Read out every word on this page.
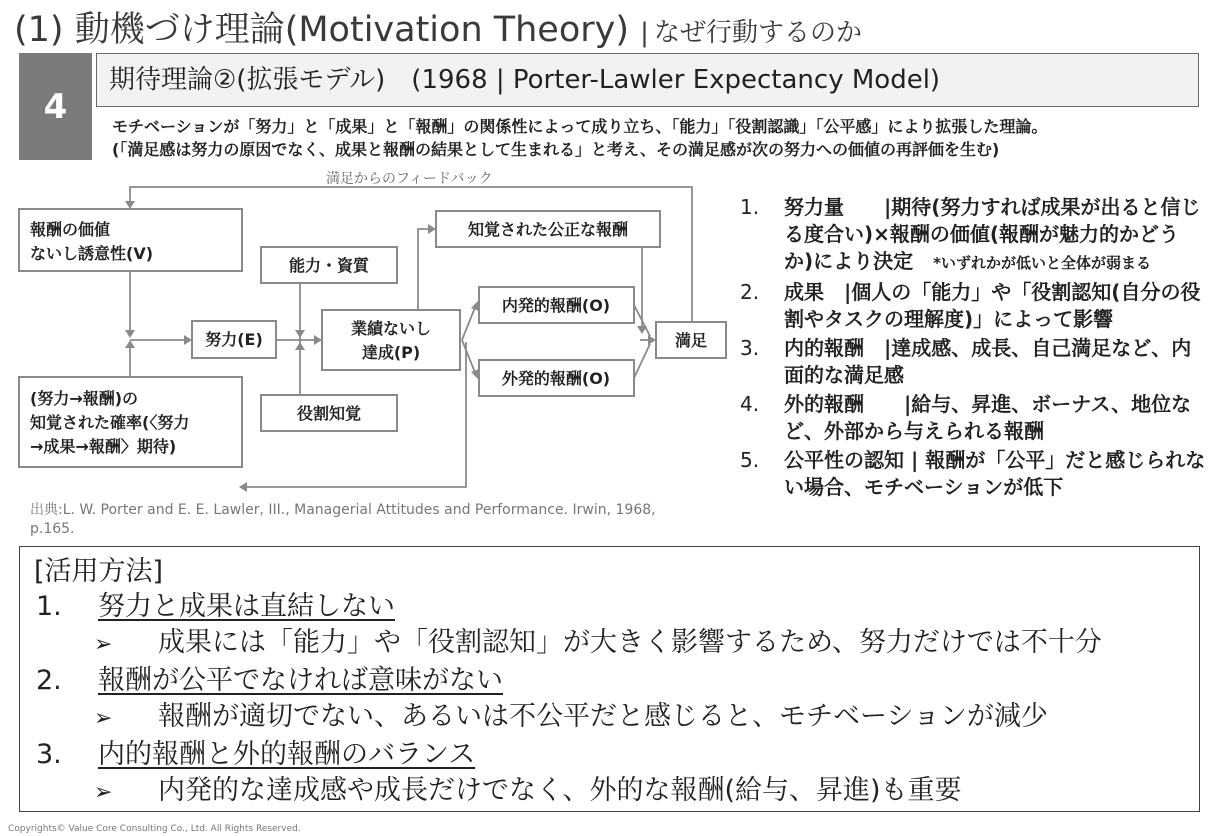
(1) 動機づけ理論(Motivation Theory) | なぜ行動するのか
4
期待理論②(拡張モデル)　(1968 | Porter-Lawler Expectancy Model)
モチベーションが「努力」と「成果」と「報酬」の関係性によって成り立ち、「能力」「役割認識」「公平感」により拡張した理論。
(「満足感は努力の原因でなく、成果と報酬の結果として生まれる」と考え、その満足感が次の努力への価値の再評価を生む)
報酬の価値
ないし誘意性(V)
(努力→報酬)の
知覚された確率(〈努力
→成果→報酬〉期待)
努力(E)
能力・資質
役割知覚
業績ないし
達成(P)
知覚された公正な報酬
内発的報酬(O)
外発的報酬(O)
満足
満足からのフィードバック
出典:L. W. Porter and E. E. Lawler, III., Managerial Attitudes and Performance. Irwin, 1968, p.165.
1. 努力量　　|期待(努力すれば成果が出ると信じる度合い)×報酬の価値(報酬が魅力的かどうか)により決定　*いずれかが低いと全体が弱まる
2. 成果　|個人の「能力」や「役割認知(自分の役割やタスクの理解度)」によって影響
3. 内的報酬　|達成感、成長、自己満足など、内面的な満足感
4. 外的報酬　　|給与、昇進、ボーナス、地位など、外部から与えられる報酬
5. 公平性の認知 | 報酬が「公平」だと感じられない場合、モチベーションが低下
[活用方法]
1. 努力と成果は直結しない
➢ 成果には「能力」や「役割認知」が大きく影響するため、努力だけでは不十分
2. 報酬が公平でなければ意味がない
➢ 報酬が適切でない、あるいは不公平だと感じると、モチベーションが減少
3. 内的報酬と外的報酬のバランス
➢ 内発的な達成感や成長だけでなく、外的な報酬(給与、昇進)も重要
Copyrights© Value Core Consulting Co., Ltd. All Rights Reserved.
